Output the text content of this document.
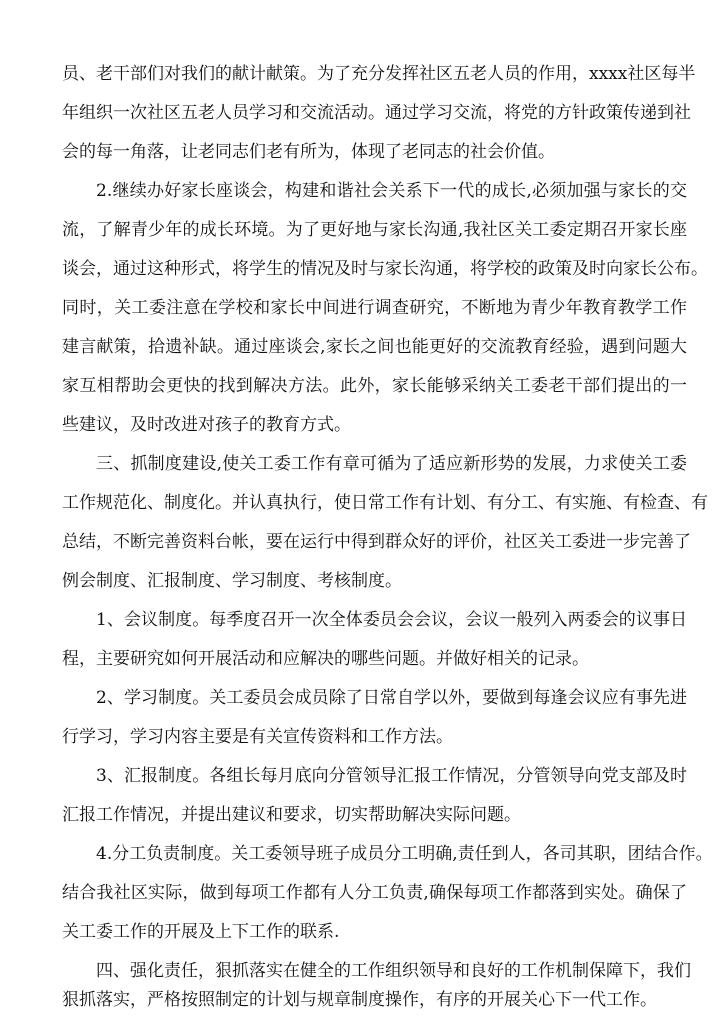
员、老干部们对我们的献计献策。为了充分发挥社区五老人员的作用，xxxx社区每半
年组织一次社区五老人员学习和交流活动。通过学习交流，将党的方针政策传递到社
会的每一角落，让老同志们老有所为，体现了老同志的社会价值。
2.继续办好家长座谈会，构建和谐社会关系下一代的成长,必须加强与家长的交
流，了解青少年的成长环境。为了更好地与家长沟通,我社区关工委定期召开家长座
谈会，通过这种形式，将学生的情况及时与家长沟通，将学校的政策及时向家长公布。
同时，关工委注意在学校和家长中间进行调查研究，不断地为青少年教育教学工作
建言献策，拾遗补缺。通过座谈会,家长之间也能更好的交流教育经验，遇到问题大
家互相帮助会更快的找到解决方法。此外，家长能够采纳关工委老干部们提出的一
些建议，及时改进对孩子的教育方式。
三、抓制度建设,使关工委工作有章可循为了适应新形势的发展，力求使关工委
工作规范化、制度化。并认真执行，使日常工作有计划、有分工、有实施、有检查、有
总结，不断完善资料台帐，要在运行中得到群众好的评价，社区关工委进一步完善了
例会制度、汇报制度、学习制度、考核制度。
1、会议制度。每季度召开一次全体委员会会议，会议一般列入两委会的议事日
程，主要研究如何开展活动和应解决的哪些问题。并做好相关的记录。
2、学习制度。关工委员会成员除了日常自学以外，要做到每逢会议应有事先进
行学习，学习内容主要是有关宣传资料和工作方法。
3、汇报制度。各组长每月底向分管领导汇报工作情况，分管领导向党支部及时
汇报工作情况，并提出建议和要求，切实帮助解决实际问题。
4.分工负责制度。关工委领导班子成员分工明确,责任到人，各司其职，团结合作。
结合我社区实际，做到每项工作都有人分工负责,确保每项工作都落到实处。确保了
关工委工作的开展及上下工作的联系.
四、强化责任，狠抓落实在健全的工作组织领导和良好的工作机制保障下，我们
狠抓落实，严格按照制定的计划与规章制度操作，有序的开展关心下一代工作。
